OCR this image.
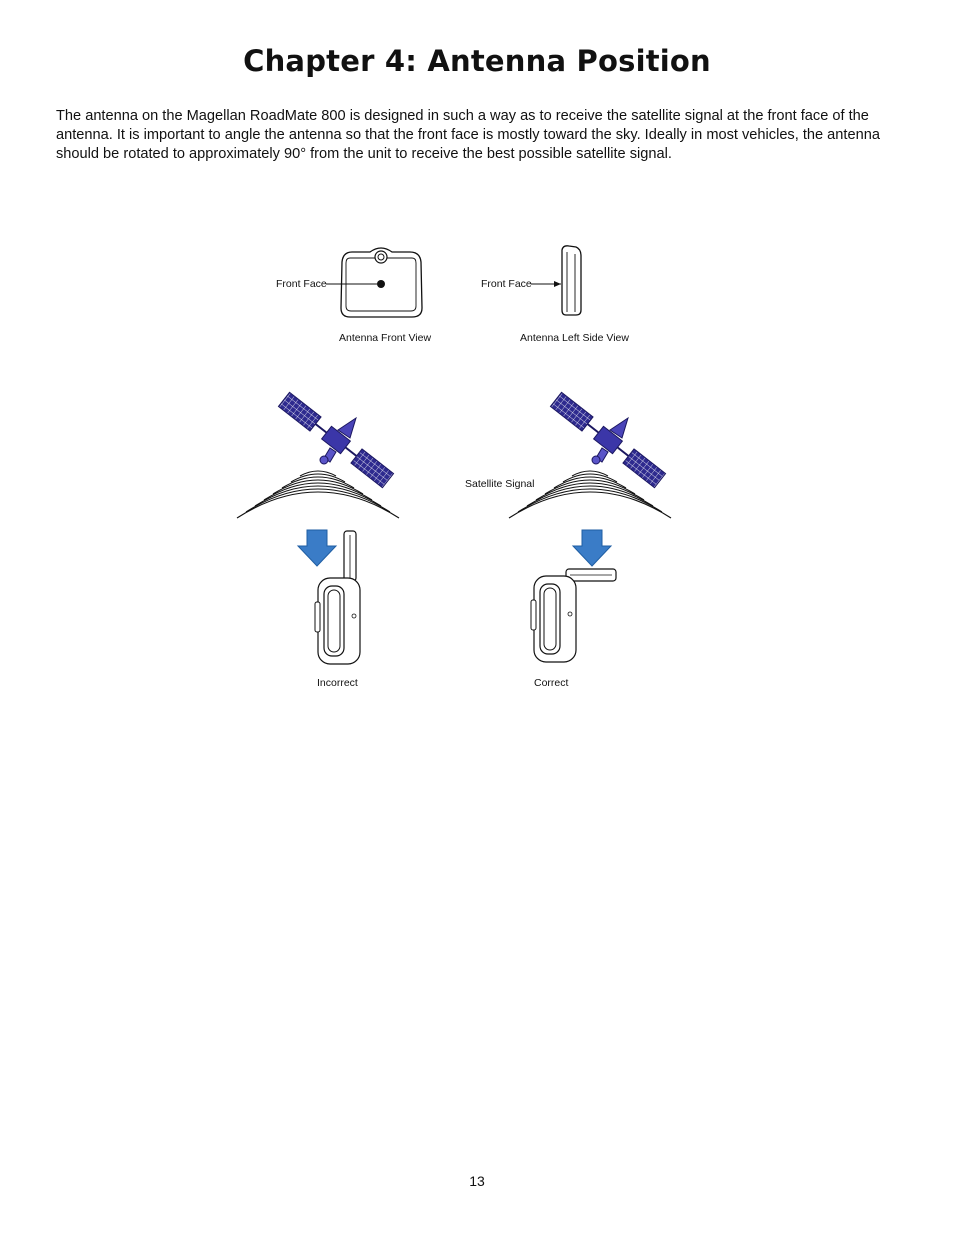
Chapter 4: Antenna Position
The antenna on the Magellan RoadMate 800 is designed in such a way as to receive the satellite signal at the front face of the antenna. It is important to angle the antenna so that the front face is mostly toward the sky. Ideally in most vehicles, the antenna should be rotated to approximately 90° from the unit to receive the best possible satellite signal.
Front Face
Antenna Front View
Front Face
Antenna Left Side View
Incorrect	Correct
Satellite Signal
13
